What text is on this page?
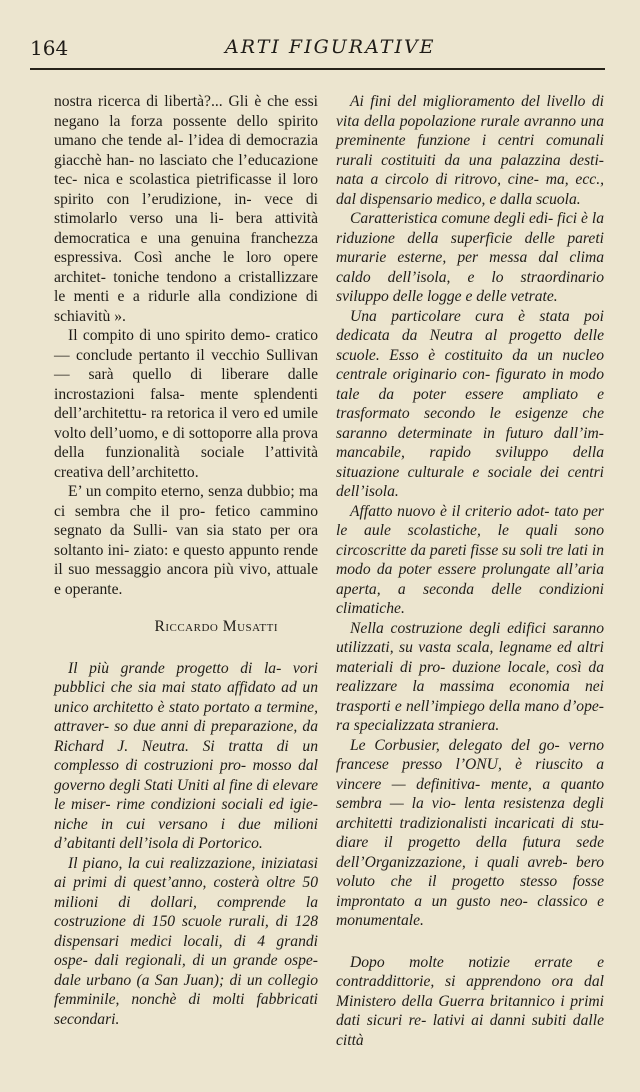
164	ARTI FIGURATIVE

nostra ricerca di libertà?... Gli è che essi negano la forza possente dello spirito umano che tende al- l’idea di democrazia giacchè han- no lasciato che l’educazione tec- nica e scolastica pietrificasse il loro spirito con l’erudizione, in- vece di stimolarlo verso una li- bera attività democratica e una genuina franchezza espressiva. Così anche le loro opere architet- toniche tendono a cristallizzare le menti e a ridurle alla condizione di schiavitù ».

Il compito di uno spirito demo- cratico — conclude pertanto il vecchio Sullivan — sarà quello di liberare dalle incrostazioni falsa- mente splendenti dell’architettu- ra retorica il vero ed umile volto dell’uomo, e di sottoporre alla prova della funzionalità sociale l’attività creativa dell’architetto.

E’ un compito eterno, senza dubbio; ma ci sembra che il pro- fetico cammino segnato da Sulli- van sia stato per ora soltanto ini- ziato: e questo appunto rende il suo messaggio ancora più vivo, attuale e operante.

Riccardo Musatti

Il più grande progetto di la- vori pubblici che sia mai stato affidato ad un unico architetto è stato portato a termine, attraver- so due anni di preparazione, da Richard J. Neutra. Si tratta di un complesso di costruzioni pro- mosso dal governo degli Stati Uniti al fine di elevare le miser- rime condizioni sociali ed igie- niche in cui versano i due milioni d’abitanti dell’isola di Portorico.

Il piano, la cui realizzazione, iniziatasi ai primi di quest’anno, costerà oltre 50 milioni di dollari, comprende la costruzione di 150 scuole rurali, di 128 dispensari medici locali, di 4 grandi ospe- dali regionali, di un grande ospe- dale urbano (a San Juan); di un collegio femminile, nonchè di molti fabbricati secondari.

Ai fini del miglioramento del livello di vita della popolazione rurale avranno una preminente funzione i centri comunali rurali costituiti da una palazzina desti- nata a circolo di ritrovo, cine- ma, ecc., dal dispensario medico, e dalla scuola.

Caratteristica comune degli edi- fici è la riduzione della superficie delle pareti murarie esterne, per messa dal clima caldo dell’isola, e lo straordinario sviluppo delle logge e delle vetrate.

Una particolare cura è stata poi dedicata da Neutra al progetto delle scuole. Esso è costituito da un nucleo centrale originario con- figurato in modo tale da poter essere ampliato e trasformato secondo le esigenze che saranno determinate in futuro dall’im- mancabile, rapido sviluppo della situazione culturale e sociale dei centri dell’isola.

Affatto nuovo è il criterio adot- tato per le aule scolastiche, le quali sono circoscritte da pareti fisse su soli tre lati in modo da poter essere prolungate all’aria aperta, a seconda delle condizioni climatiche.

Nella costruzione degli edifici saranno utilizzati, su vasta scala, legname ed altri materiali di pro- duzione locale, così da realizzare la massima economia nei trasporti e nell’impiego della mano d’ope- ra specializzata straniera.

Le Corbusier, delegato del go- verno francese presso l’ONU, è riuscito a vincere — definitiva- mente, a quanto sembra — la vio- lenta resistenza degli architetti tradizionalisti incaricati di stu- diare il progetto della futura sede dell’Organizzazione, i quali avreb- bero voluto che il progetto stesso fosse improntato a un gusto neo- classico e monumentale.

Dopo molte notizie errate e contraddittorie, si apprendono ora dal Ministero della Guerra britannico i primi dati sicuri re- lativi ai danni subiti dalle città
